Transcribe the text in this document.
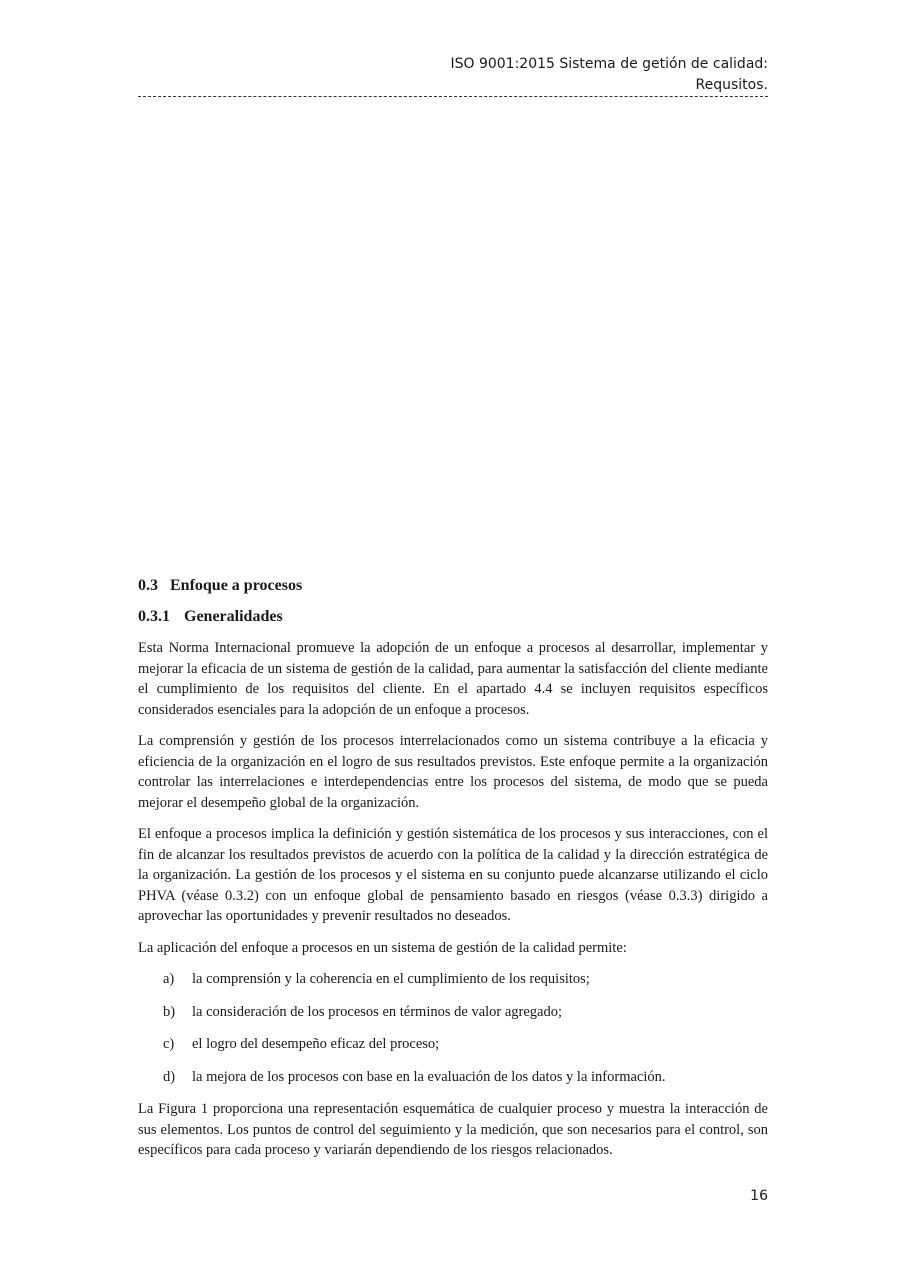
ISO 9001:2015 Sistema de getión de calidad:
Requsitos.
0.3 Enfoque a procesos
0.3.1 Generalidades

Esta Norma Internacional promueve la adopción de un enfoque a procesos al desarrollar, implementar y mejorar la eficacia de un sistema de gestión de la calidad, para aumentar la satisfacción del cliente mediante el cumplimiento de los requisitos del cliente. En el apartado 4.4 se incluyen requisitos específicos considerados esenciales para la adopción de un enfoque a procesos.

La comprensión y gestión de los procesos interrelacionados como un sistema contribuye a la eficacia y eficiencia de la organización en el logro de sus resultados previstos. Este enfoque permite a la organización controlar las interrelaciones e interdependencias entre los procesos del sistema, de modo que se pueda mejorar el desempeño global de la organización.

El enfoque a procesos implica la definición y gestión sistemática de los procesos y sus interacciones, con el fin de alcanzar los resultados previstos de acuerdo con la política de la calidad y la dirección estratégica de la organización. La gestión de los procesos y el sistema en su conjunto puede alcanzarse utilizando el ciclo PHVA (véase 0.3.2) con un enfoque global de pensamiento basado en riesgos (véase 0.3.3) dirigido a aprovechar las oportunidades y prevenir resultados no deseados.

La aplicación del enfoque a procesos en un sistema de gestión de la calidad permite:

a) la comprensión y la coherencia en el cumplimiento de los requisitos;
b) la consideración de los procesos en términos de valor agregado;
c) el logro del desempeño eficaz del proceso;
d) la mejora de los procesos con base en la evaluación de los datos y la información.

La Figura 1 proporciona una representación esquemática de cualquier proceso y muestra la interacción de sus elementos. Los puntos de control del seguimiento y la medición, que son necesarios para el control, son específicos para cada proceso y variarán dependiendo de los riesgos relacionados.

16
